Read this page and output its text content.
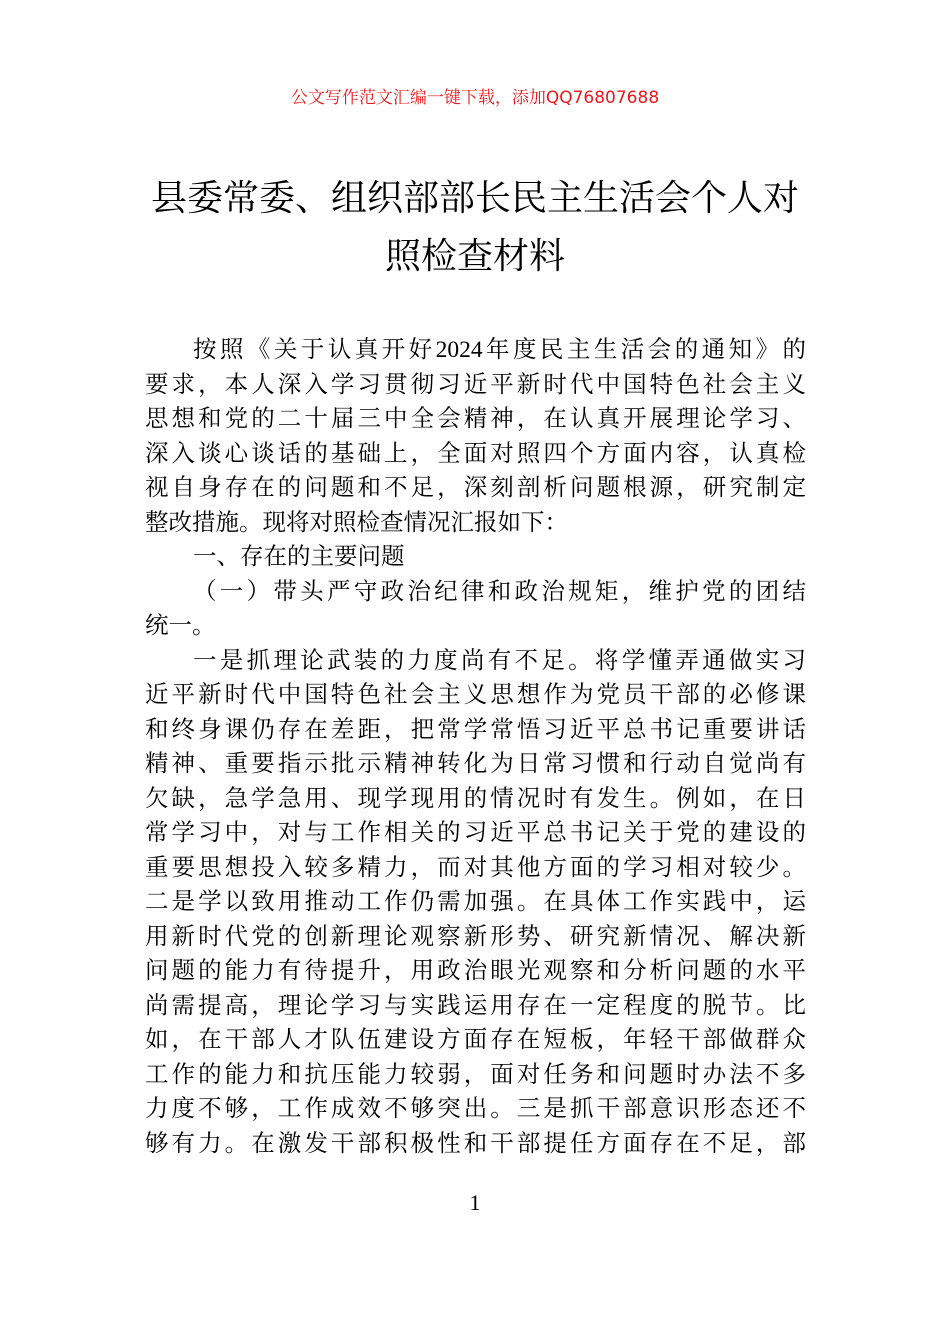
公文写作范文汇编一键下载，添加QQ76807688
县委常委、组织部部长民主生活会个人对
照检查材料
按照《关于认真开好2024年度民主生活会的通知》的
要求，本人深入学习贯彻习近平新时代中国特色社会主义
思想和党的二十届三中全会精神，在认真开展理论学习、
深入谈心谈话的基础上，全面对照四个方面内容，认真检
视自身存在的问题和不足，深刻剖析问题根源，研究制定
整改措施。现将对照检查情况汇报如下：
一、存在的主要问题
（一）带头严守政治纪律和政治规矩，维护党的团结
统一。
一是抓理论武装的力度尚有不足。将学懂弄通做实习
近平新时代中国特色社会主义思想作为党员干部的必修课
和终身课仍存在差距，把常学常悟习近平总书记重要讲话
精神、重要指示批示精神转化为日常习惯和行动自觉尚有
欠缺，急学急用、现学现用的情况时有发生。例如，在日
常学习中，对与工作相关的习近平总书记关于党的建设的
重要思想投入较多精力，而对其他方面的学习相对较少。
二是学以致用推动工作仍需加强。在具体工作实践中，运
用新时代党的创新理论观察新形势、研究新情况、解决新
问题的能力有待提升，用政治眼光观察和分析问题的水平
尚需提高，理论学习与实践运用存在一定程度的脱节。比
如，在干部人才队伍建设方面存在短板，年轻干部做群众
工作的能力和抗压能力较弱，面对任务和问题时办法不多
力度不够，工作成效不够突出。三是抓干部意识形态还不
够有力。在激发干部积极性和干部提任方面存在不足，部
1
